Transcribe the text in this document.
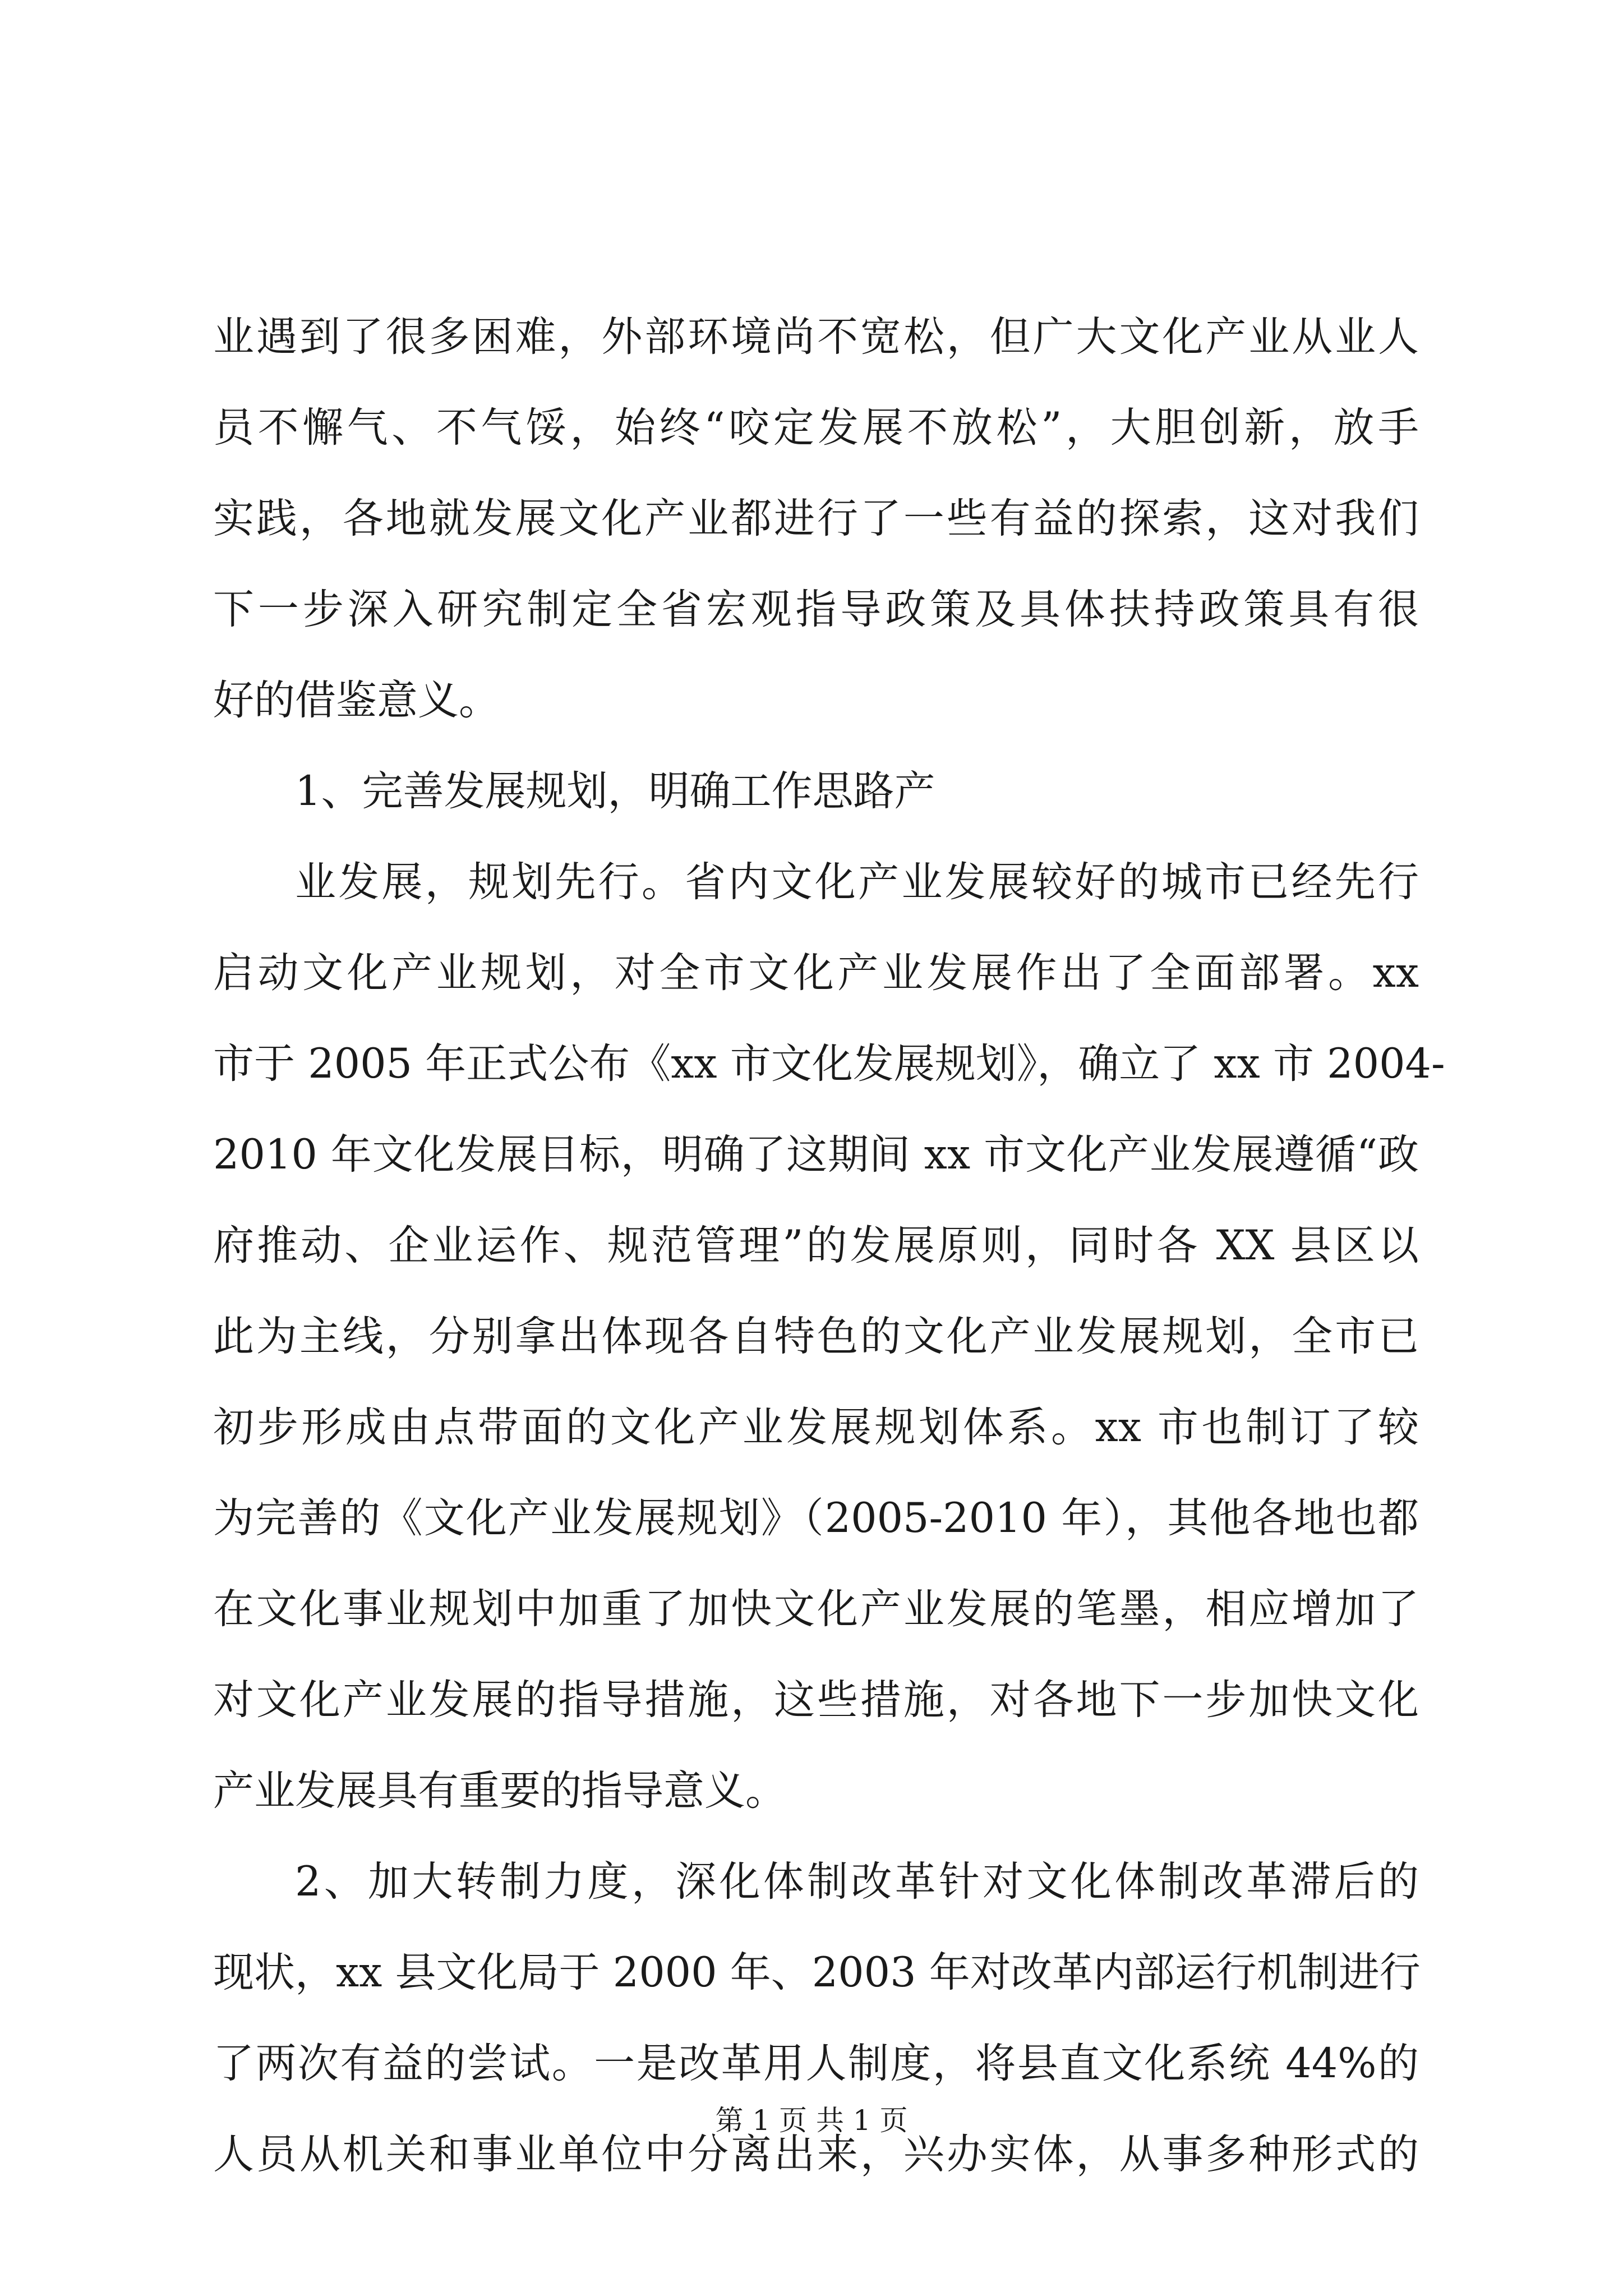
业遇到了很多困难，外部环境尚不宽松，但广大文化产业从业人
员不懈气、不气馁，始终“咬定发展不放松”，大胆创新，放手
实践，各地就发展文化产业都进行了一些有益的探索，这对我们
下一步深入研究制定全省宏观指导政策及具体扶持政策具有很
好的借鉴意义。
1、完善发展规划，明确工作思路产
业发展，规划先行。省内文化产业发展较好的城市已经先行
启动文化产业规划，对全市文化产业发展作出了全面部署。xx
市于 2005 年正式公布《xx 市文化发展规划》，确立了 xx 市 2004-
2010 年文化发展目标，明确了这期间 xx 市文化产业发展遵循“政
府推动、企业运作、规范管理”的发展原则，同时各 XX 县区以
此为主线，分别拿出体现各自特色的文化产业发展规划，全市已
初步形成由点带面的文化产业发展规划体系。xx 市也制订了较
为完善的《文化产业发展规划》（2005-2010 年），其他各地也都
在文化事业规划中加重了加快文化产业发展的笔墨，相应增加了
对文化产业发展的指导措施，这些措施，对各地下一步加快文化
产业发展具有重要的指导意义。
2、加大转制力度，深化体制改革针对文化体制改革滞后的
现状，xx 县文化局于 2000 年、2003 年对改革内部运行机制进行
了两次有益的尝试。一是改革用人制度，将县直文化系统 44%的
人员从机关和事业单位中分离出来，兴办实体，从事多种形式的
第 1 页 共 1 页
